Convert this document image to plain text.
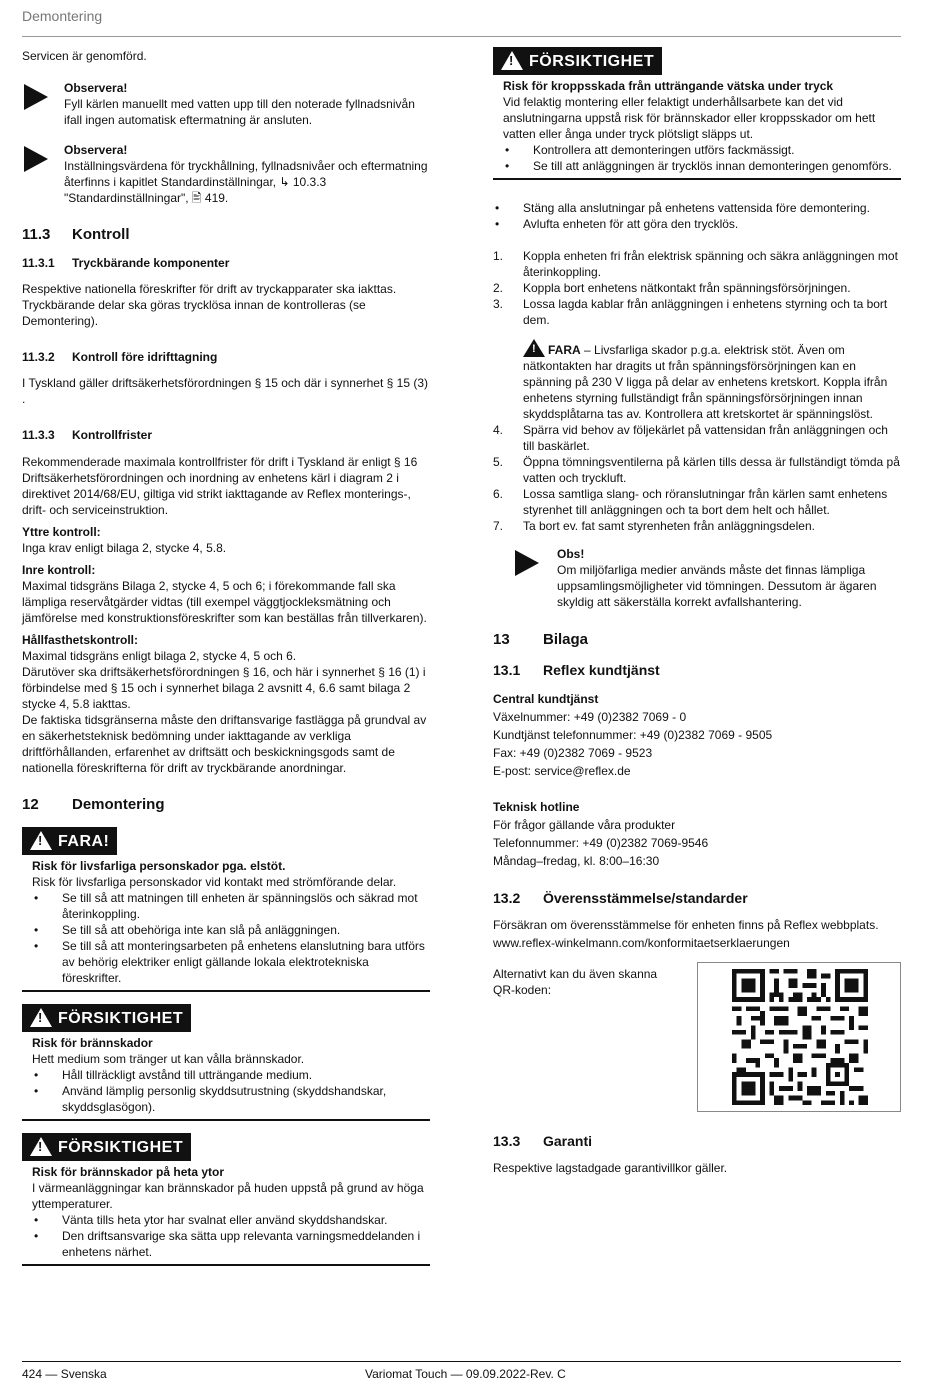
Demontering

Servicen är genomförd.

Observera!

Fyll kärlen manuellt med vatten upp till den noterade fyllnadsnivån ifall ingen automatisk eftermatning är ansluten.

Observera!

Inställningsvärdena för tryckhållning, fyllnadsnivåer och eftermatning återfinns i kapitlet Standardinställningar, ↳ 10.3.3 "Standardinställningar", 🖹 419.

11.3	Kontroll
11.3.1	Tryckbärande komponenter

Respektive nationella föreskrifter för drift av tryckapparater ska iakttas. Tryckbärande delar ska göras trycklösa innan de kontrolleras (se Demontering).

11.3.2	Kontroll före idrifttagning

I Tyskland gäller driftsäkerhetsförordningen § 15 och där i synnerhet § 15 (3) .

11.3.3	Kontrollfrister

Rekommenderade maximala kontrollfrister för drift i Tyskland är enligt § 16 Driftsäkerhetsförordningen och inordning av enhetens kärl i diagram 2 i direktivet 2014/68/EU, giltiga vid strikt iakttagande av Reflex monterings-, drift- och serviceinstruktion.

Yttre kontroll:

Inga krav enligt bilaga 2, stycke 4, 5.8.

Inre kontroll:

Maximal tidsgräns Bilaga 2, stycke 4, 5 och 6; i förekommande fall ska lämpliga reservåtgärder vidtas (till exempel väggtjockleksmätning och jämförelse med konstruktionsföreskrifter som kan beställas från tillverkaren).

Hållfasthetskontroll:

Maximal tidsgräns enligt bilaga 2, stycke 4, 5 och 6.

Därutöver ska driftsäkerhetsförordningen § 16, och här i synnerhet § 16 (1) i förbindelse med § 15 och i synnerhet bilaga 2 avsnitt 4, 6.6 samt bilaga 2 stycke 4, 5.8 iakttas.

De faktiska tidsgränserna måste den driftansvarige fastlägga på grundval av en säkerhetsteknisk bedömning under iakttagande av verkliga driftförhållanden, erfarenhet av driftsätt och beskickningsgods samt de nationella föreskrifterna för drift av tryckbärande anordningar.

12	Demontering
!
FARA!

Risk för livsfarliga personskador pga. elstöt.

Risk för livsfarliga personskador vid kontakt med strömförande delar.

•	Se till så att matningen till enheten är spänningslös och säkrad mot återinkoppling.
•	Se till så att obehöriga inte kan slå på anläggningen.
•	Se till så att monteringsarbeten på enhetens elanslutning bara utförs av behörig elektriker enligt gällande lokala elektrotekniska föreskrifter.
!
FÖRSIKTIGHET

Risk för brännskador

Hett medium som tränger ut kan vålla brännskador.

•	Håll tillräckligt avstånd till utträngande medium.
•	Använd lämplig personlig skyddsutrustning (skyddshandskar, skyddsglasögon).
!
FÖRSIKTIGHET

Risk för brännskador på heta ytor

I värmeanläggningar kan brännskador på huden uppstå på grund av höga yttemperaturer.

•	Vänta tills heta ytor har svalnat eller använd skyddshandskar.
•	Den driftsansvarige ska sätta upp relevanta varningsmeddelanden i enhetens närhet.
!
FÖRSIKTIGHET

Risk för kroppsskada från utträngande vätska under tryck

Vid felaktig montering eller felaktigt underhållsarbete kan det vid anslutningarna uppstå risk för brännskador eller kroppsskador om hett vatten eller ånga under tryck plötsligt släpps ut.

•	Kontrollera att demonteringen utförs fackmässigt.
•	Se till att anläggningen är trycklös innan demonteringen genomförs.
•	Stäng alla anslutningar på enhetens vattensida före demontering.
•	Avlufta enheten för att göra den trycklös.
1.	Koppla enheten fri från elektrisk spänning och säkra anläggningen mot återinkoppling.
2.	Koppla bort enhetens nätkontakt från spänningsförsörjningen.
3.	Lossa lagda kablar från anläggningen i enhetens styrning och ta bort dem.

!FARA – Livsfarliga skador p.g.a. elektrisk stöt. Även om nätkontakten har dragits ut från spänningsförsörjningen kan en spänning på 230 V ligga på delar av enhetens kretskort. Koppla ifrån enhetens styrning fullständigt från spänningsförsörjningen innan skyddsplåtarna tas av. Kontrollera att kretskortet är spänningslöst.

4.	Spärra vid behov av följekärlet på vattensidan från anläggningen och till baskärlet.
5.	Öppna tömningsventilerna på kärlen tills dessa är fullständigt tömda på vatten och tryckluft.
6.	Lossa samtliga slang- och röranslutningar från kärlen samt enhetens styrenhet till anläggningen och ta bort dem helt och hållet.
7.	Ta bort ev. fat samt styrenheten från anläggningsdelen.

Obs!

Om miljöfarliga medier används måste det finnas lämpliga uppsamlingsmöjligheter vid tömningen. Dessutom är ägaren skyldig att säkerställa korrekt avfallshantering.

13	Bilaga
13.1	Reflex kundtjänst

Central kundtjänst

Växelnummer: +49 (0)2382 7069 - 0

Kundtjänst telefonnummer: +49 (0)2382 7069 - 9505

Fax: +49 (0)2382 7069 - 9523

E-post: service@reflex.de

Teknisk hotline

För frågor gällande våra produkter

Telefonnummer: +49 (0)2382 7069-9546

Måndag–fredag, kl. 8:00–16:30

13.2	Överensstämmelse/standarder

Försäkran om överensstämmelse för enheten finns på Reflex webbplats.

www.reflex-winkelmann.com/konformitaetserklaerungen

Alternativt kan du även skanna QR-koden:

13.3	Garanti

Respektive lagstadgade garantivillkor gäller.

424 — Svenska	Variomat Touch — 09.09.2022-Rev. C
